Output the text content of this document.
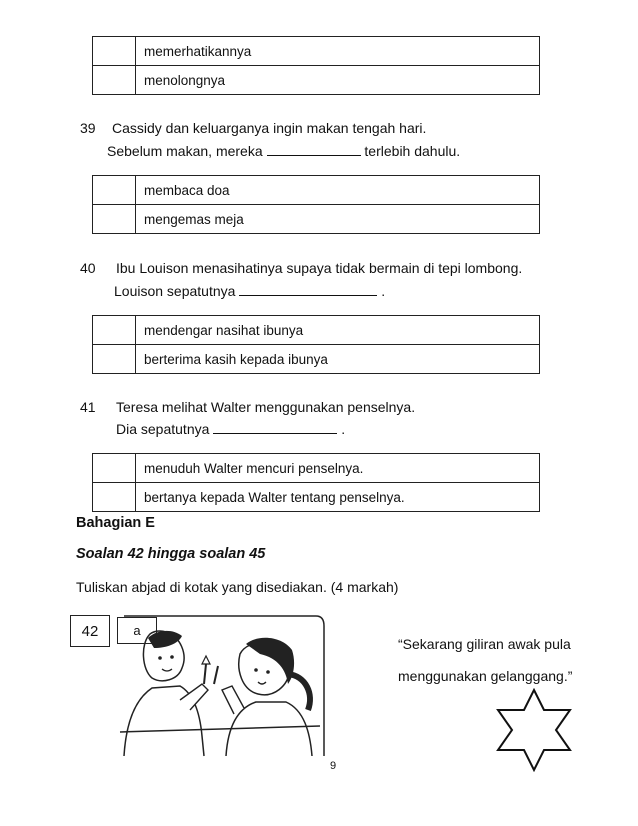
	memerhatikannya
	menolongnya
39 Cassidy dan keluarganya ingin makan tengah hari.
Sebelum makan, mereka	terlebih dahulu.
	membaca doa
	mengemas meja
40 Ibu Louison menasihatinya supaya tidak bermain di tepi lombong.
Louison sepatutnya	.
	mendengar nasihat ibunya
	berterima kasih kepada ibunya
41 Teresa melihat Walter menggunakan penselnya.
Dia sepatutnya	.
	menuduh Walter mencuri penselnya.
	bertanya kepada Walter tentang penselnya.
Bahagian E
Soalan 42 hingga soalan 45
Tuliskan abjad di kotak yang disediakan. (4 markah)
42	a
“Sekarang giliran awak pula
menggunakan gelanggang.”
9
